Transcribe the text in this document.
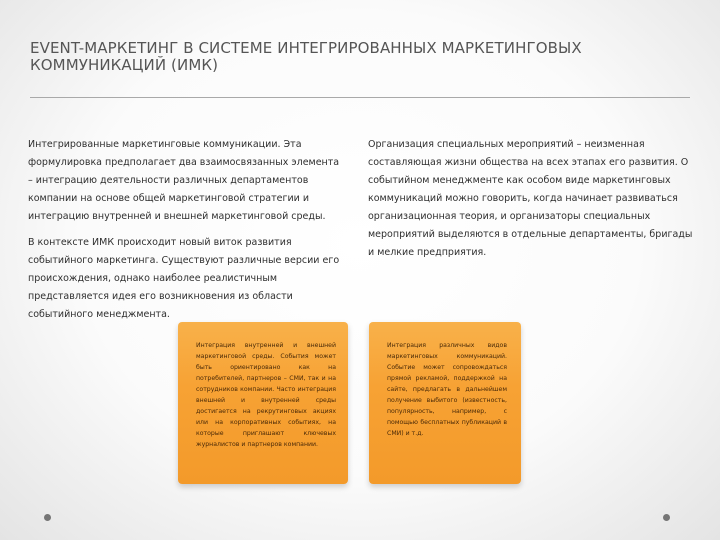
EVENT-МАРКЕТИНГ В СИСТЕМЕ ИНТЕГРИРОВАННЫХ МАРКЕТИНГОВЫХ
КОММУНИКАЦИЙ (ИМК)

Интегрированные маркетинговые коммуникации. Эта формулировка предполагает два взаимосвязанных элемента – интеграцию деятельности различных департаментов компании на основе общей маркетинговой стратегии и интеграцию внутренней и внешней маркетинговой среды.

В контексте ИМК происходит новый виток развития событийного маркетинга. Существуют различные версии его происхождения, однако наиболее реалистичным представляется идея его возникновения из области событийного менеджмента.

Организация специальных мероприятий – неизменная составляющая жизни общества на всех этапах его развития. О событийном менеджменте как особом виде маркетинговых коммуникаций можно говорить, когда начинает развиваться организационная теория, и организаторы специальных мероприятий выделяются в отдельные департаменты, бригады и мелкие предприятия.

Интеграция внутренней и внешней маркетинговой среды. События может быть ориентировано как на потребителей, партнеров – СМИ, так и на сотрудников компании. Часто интеграция внешней и внутренней среды достигается на рекрутинговых акциях или на корпоративных событиях, на которые приглашают ключевых журналистов и партнеров компании.
Интеграция различных видов маркетинговых коммуникаций. Событие может сопровождаться прямой рекламой, поддержкой на сайте, предлагать в дальнейшем получение выбитого (известность, популярность, например, с помощью бесплатных публикаций в СМИ) и т.д.
